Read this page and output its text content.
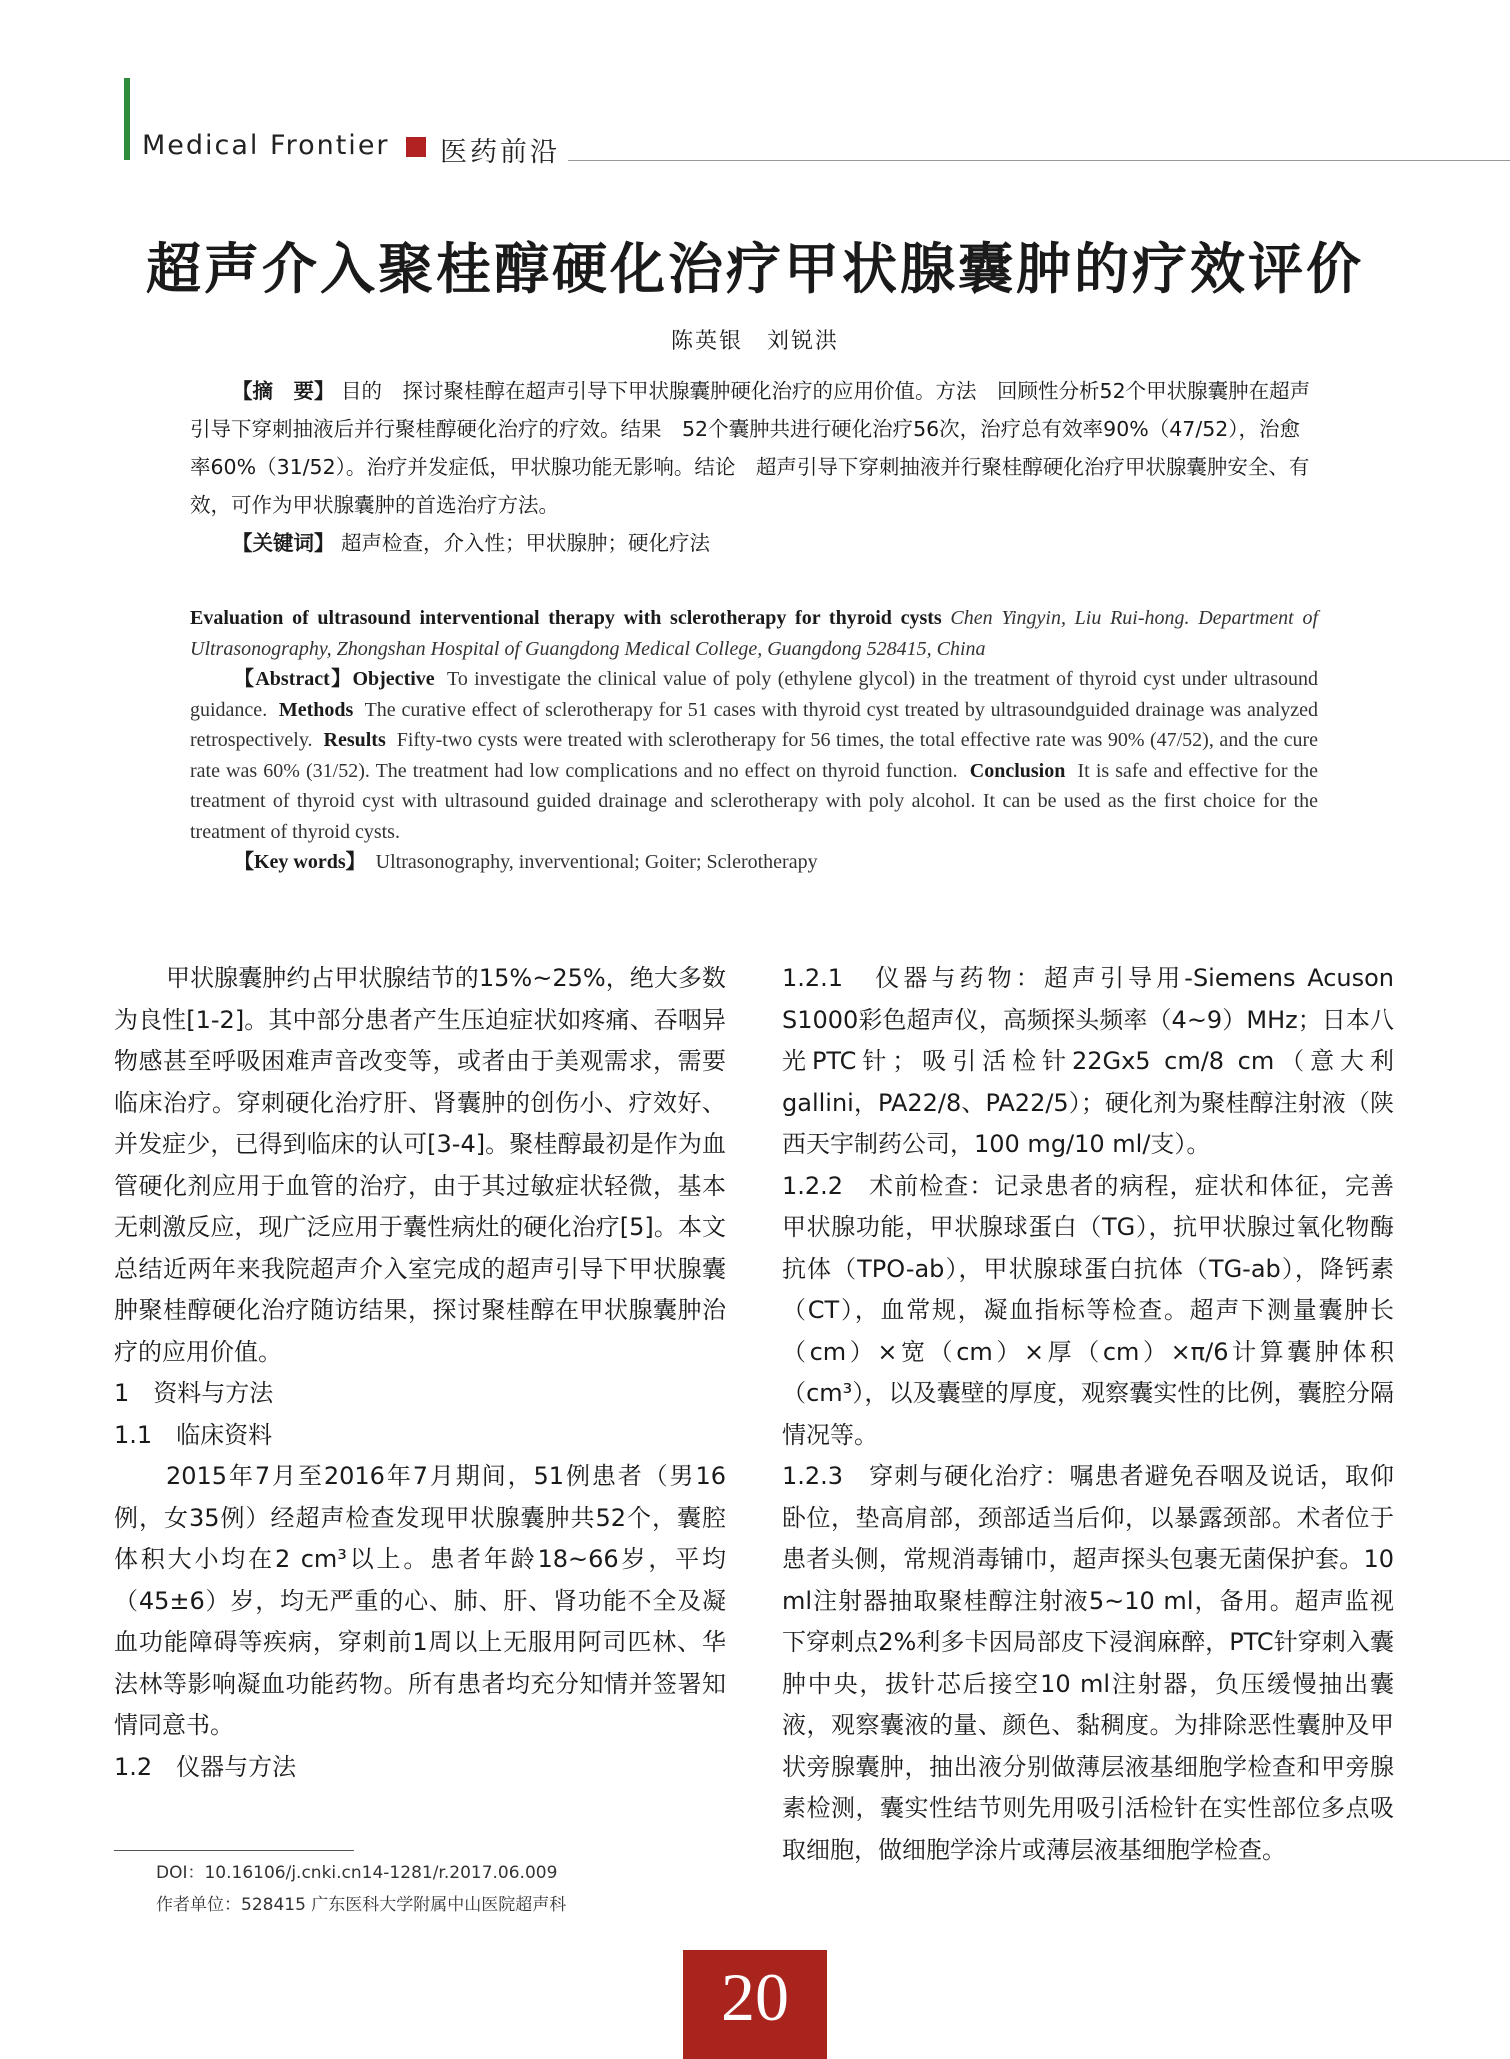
Medical Frontier 医药前沿
超声介入聚桂醇硬化治疗甲状腺囊肿的疗效评价
陈英银　刘锐洪

【摘　要】 目的　探讨聚桂醇在超声引导下甲状腺囊肿硬化治疗的应用价值。方法　回顾性分析52个甲状腺囊肿在超声引导下穿刺抽液后并行聚桂醇硬化治疗的疗效。结果　52个囊肿共进行硬化治疗56次，治疗总有效率90%（47/52），治愈率60%（31/52）。治疗并发症低，甲状腺功能无影响。结论　超声引导下穿刺抽液并行聚桂醇硬化治疗甲状腺囊肿安全、有效，可作为甲状腺囊肿的首选治疗方法。

【关键词】 超声检查，介入性；甲状腺肿；硬化疗法

Evaluation of ultrasound interventional therapy with sclerotherapy for thyroid cysts Chen Yingyin, Liu Rui-hong. Department of Ultrasonography, Zhongshan Hospital of Guangdong Medical College, Guangdong 528415, China

【Abstract】Objective To investigate the clinical value of poly (ethylene glycol) in the treatment of thyroid cyst under ultrasound guidance. Methods The curative effect of sclerotherapy for 51 cases with thyroid cyst treated by ultrasoundguided drainage was analyzed retrospectively. Results Fifty-two cysts were treated with sclerotherapy for 56 times, the total effective rate was 90% (47/52), and the cure rate was 60% (31/52). The treatment had low complications and no effect on thyroid function. Conclusion It is safe and effective for the treatment of thyroid cyst with ultrasound guided drainage and sclerotherapy with poly alcohol. It can be used as the first choice for the treatment of thyroid cysts.

【Key words】 Ultrasonography, inverventional; Goiter; Sclerotherapy

甲状腺囊肿约占甲状腺结节的15%~25%，绝大多数为良性[1-2]。其中部分患者产生压迫症状如疼痛、吞咽异物感甚至呼吸困难声音改变等，或者由于美观需求，需要临床治疗。穿刺硬化治疗肝、肾囊肿的创伤小、疗效好、并发症少，已得到临床的认可[3-4]。聚桂醇最初是作为血管硬化剂应用于血管的治疗，由于其过敏症状轻微，基本无刺激反应，现广泛应用于囊性病灶的硬化治疗[5]。本文总结近两年来我院超声介入室完成的超声引导下甲状腺囊肿聚桂醇硬化治疗随访结果，探讨聚桂醇在甲状腺囊肿治疗的应用价值。

1　资料与方法

1.1　临床资料

2015年7月至2016年7月期间，51例患者（男16例，女35例）经超声检查发现甲状腺囊肿共52个，囊腔体积大小均在2 cm³以上。患者年龄18~66岁，平均（45±6）岁，均无严重的心、肺、肝、肾功能不全及凝血功能障碍等疾病，穿刺前1周以上无服用阿司匹林、华法林等影响凝血功能药物。所有患者均充分知情并签署知情同意书。

1.2　仪器与方法

1.2.1　仪器与药物：超声引导用-Siemens Acuson S1000彩色超声仪，高频探头频率（4~9）MHz；日本八光PTC针；吸引活检针22Gx5 cm/8 cm（意大利gallini，PA22/8、PA22/5）；硬化剂为聚桂醇注射液（陕西天宇制药公司，100 mg/10 ml/支）。

1.2.2　术前检查：记录患者的病程，症状和体征，完善甲状腺功能，甲状腺球蛋白（TG），抗甲状腺过氧化物酶抗体（TPO-ab），甲状腺球蛋白抗体（TG-ab），降钙素（CT），血常规，凝血指标等检查。超声下测量囊肿长（cm）×宽（cm）×厚（cm）×π/6计算囊肿体积（cm³），以及囊壁的厚度，观察囊实性的比例，囊腔分隔情况等。

1.2.3　穿刺与硬化治疗：嘱患者避免吞咽及说话，取仰卧位，垫高肩部，颈部适当后仰，以暴露颈部。术者位于患者头侧，常规消毒铺巾，超声探头包裹无菌保护套。10 ml注射器抽取聚桂醇注射液5~10 ml，备用。超声监视下穿刺点2%利多卡因局部皮下浸润麻醉，PTC针穿刺入囊肿中央，拔针芯后接空10 ml注射器，负压缓慢抽出囊液，观察囊液的量、颜色、黏稠度。为排除恶性囊肿及甲状旁腺囊肿，抽出液分别做薄层液基细胞学检查和甲旁腺素检测，囊实性结节则先用吸引活检针在实性部位多点吸取细胞，做细胞学涂片或薄层液基细胞学检查。

DOI：10.16106/j.cnki.cn14-1281/r.2017.06.009
作者单位：528415 广东医科大学附属中山医院超声科
20
